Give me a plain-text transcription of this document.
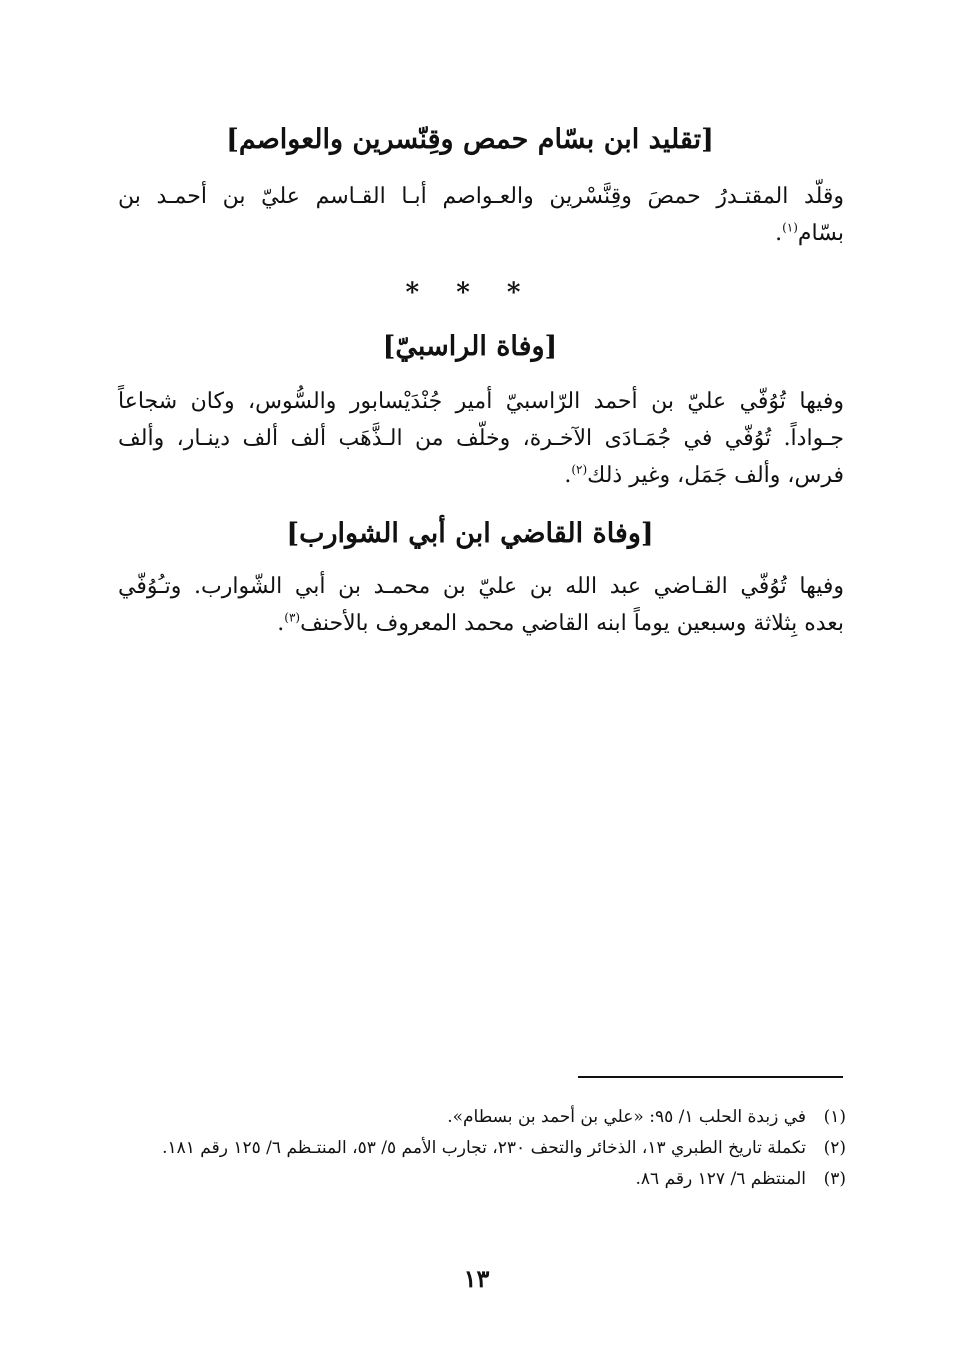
[تقليد ابن بسّام حمص وقِنّسرين والعواصم]
وقلّد المقتـدرُ حمصَ وقِنَّسْرين والعـواصم أبـا القـاسم عليّ بن أحمـد بن
بسّام$^{(١)}$.
* * *
[وفاة الراسبيّ]
وفيها تُوُفّي عليّ بن أحمد الرّاسبيّ أمير جُنْدَيْسابور والسُّوس، وكان شجاعاً
جـواداً. تُوُفّي في جُمَـادَى الآخـرة، وخلّف من الـذَّهَب ألف ألف دينـار، وألف
فرس، وألف جَمَل، وغير ذلك$^{(٢)}$.
[وفاة القاضي ابن أبي الشوارب]
وفيها تُوُفّي القـاضي عبد الله بن عليّ بن محمـد بن أبي الشّوارب. وتـُوُفّي
بعده بِثلاثة وسبعين يوماً ابنه القاضي محمد المعروف بالأحنف$^{(٣)}$.
(١)
في زبدة الحلب ١/ ٩٥: «علي بن أحمد بن بسطام».
(٢)
تكملة تاريخ الطبري ١٣، الذخائر والتحف ٢٣٠، تجارب الأمم ٥/ ٥٣، المنتـظم ٦/ ١٢٥ رقم ١٨١.
(٣)
المنتظم ٦/ ١٢٧ رقم ٨٦.
١٣
